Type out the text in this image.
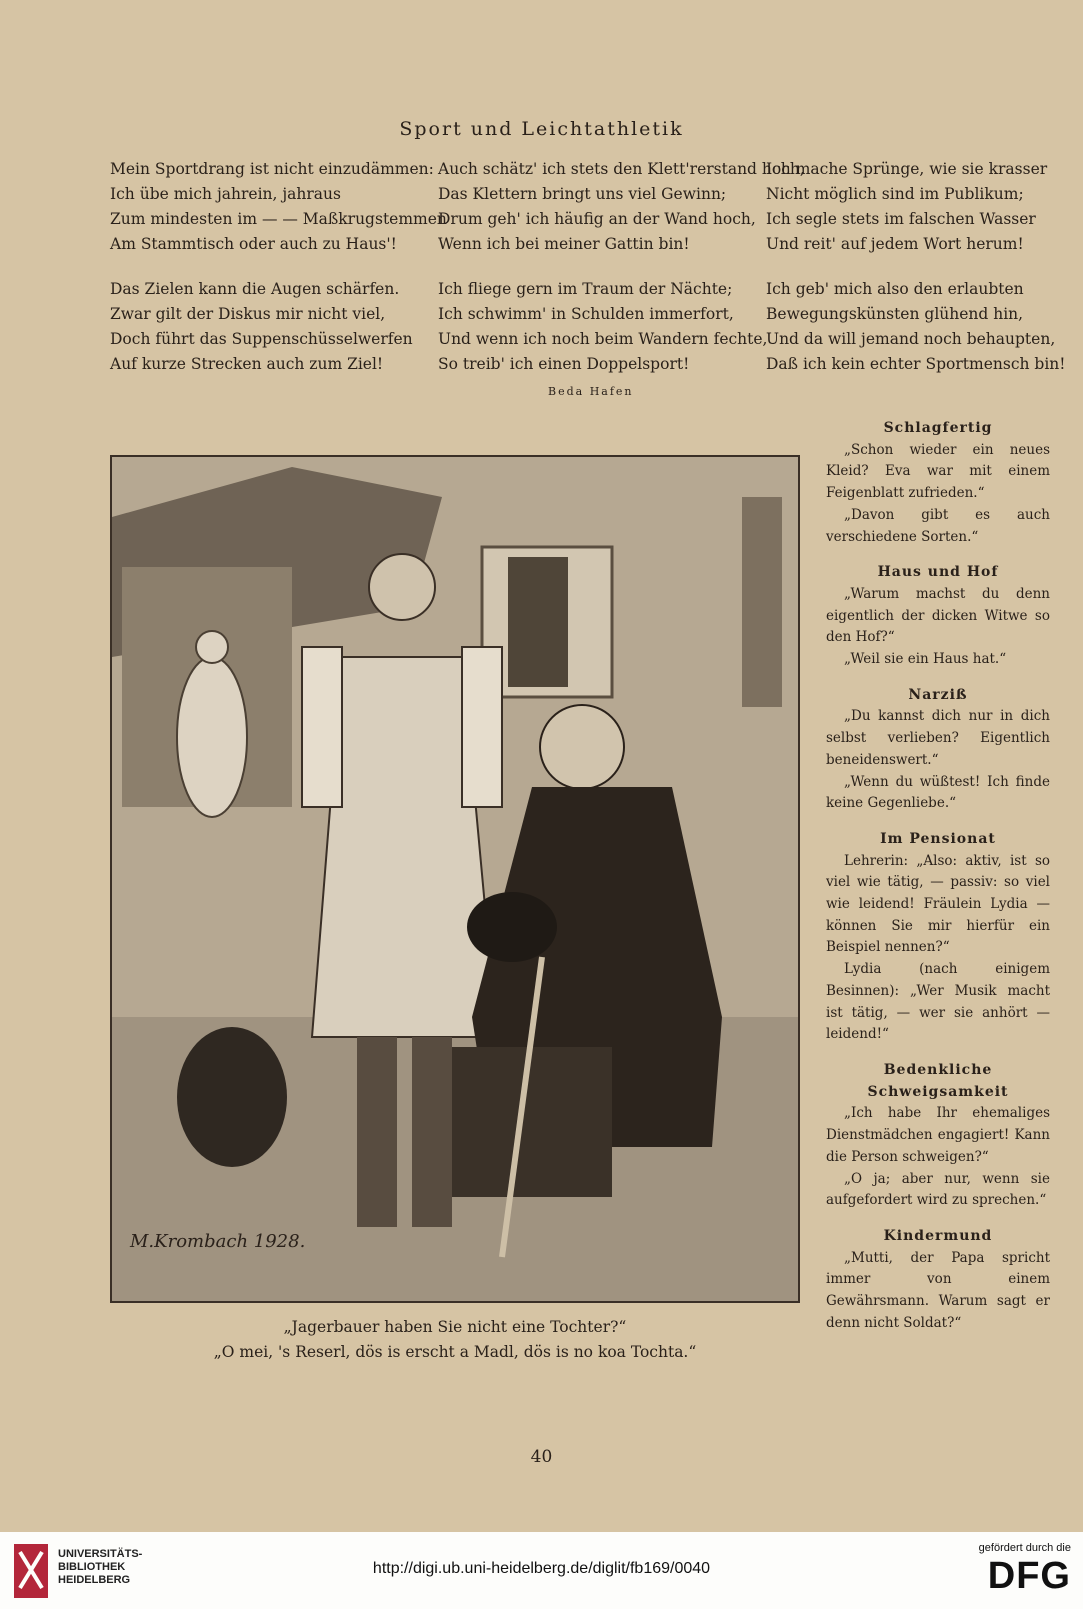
Sport und Leichtathletik
Mein Sportdrang ist nicht einzudämmen:
Ich übe mich jahrein, jahraus
Zum mindesten im — — Maßkrugstemmen
Am Stammtisch oder auch zu Haus'!
Auch schätz' ich stets den Klett'rerstand hoch,
Das Klettern bringt uns viel Gewinn;
Drum geh' ich häufig an der Wand hoch,
Wenn ich bei meiner Gattin bin!
Ich mache Sprünge, wie sie krasser
Nicht möglich sind im Publikum;
Ich segle stets im falschen Wasser
Und reit' auf jedem Wort herum!
Das Zielen kann die Augen schärfen.
Zwar gilt der Diskus mir nicht viel,
Doch führt das Suppenschüsselwerfen
Auf kurze Strecken auch zum Ziel!
Ich fliege gern im Traum der Nächte;
Ich schwimm' in Schulden immerfort,
Und wenn ich noch beim Wandern fechte,
So treib' ich einen Doppelsport!
Ich geb' mich also den erlaubten
Bewegungskünsten glühend hin,
Und da will jemand noch behaupten,
Daß ich kein echter Sportmensch bin!
Beda Hafen
M.Krombach 1928.
„Jagerbauer haben Sie nicht eine Tochter?“
„O mei, 's Reserl, dös is erscht a Madl, dös is no koa Tochta.“
Schlagfertig

„Schon wieder ein neues Kleid? Eva war mit einem Feigenblatt zufrieden.“

„Davon gibt es auch verschiedene Sorten.“

Haus und Hof

„Warum machst du denn eigentlich der dicken Witwe so den Hof?“

„Weil sie ein Haus hat.“

Narziß

„Du kannst dich nur in dich selbst verlieben? Eigentlich beneidenswert.“

„Wenn du wüßtest! Ich finde keine Gegenliebe.“

Im Pensionat

Lehrerin: „Also: aktiv, ist so viel wie tätig, — passiv: so viel wie leidend! Fräulein Lydia — können Sie mir hierfür ein Beispiel nennen?“

Lydia (nach einigem Besinnen): „Wer Musik macht ist tätig, — wer sie anhört — leidend!“

Bedenkliche Schweigsamkeit

„Ich habe Ihr ehemaliges Dienstmädchen engagiert! Kann die Person schweigen?“

„O ja; aber nur, wenn sie aufgefordert wird zu sprechen.“

Kindermund

„Mutti, der Papa spricht immer von einem Gewährsmann. Warum sagt er denn nicht Soldat?“

40
UNIVERSITÄTS-
BIBLIOTHEK
HEIDELBERG
http://digi.ub.uni-heidelberg.de/diglit/fb169/0040
gefördert durch die
DFG
